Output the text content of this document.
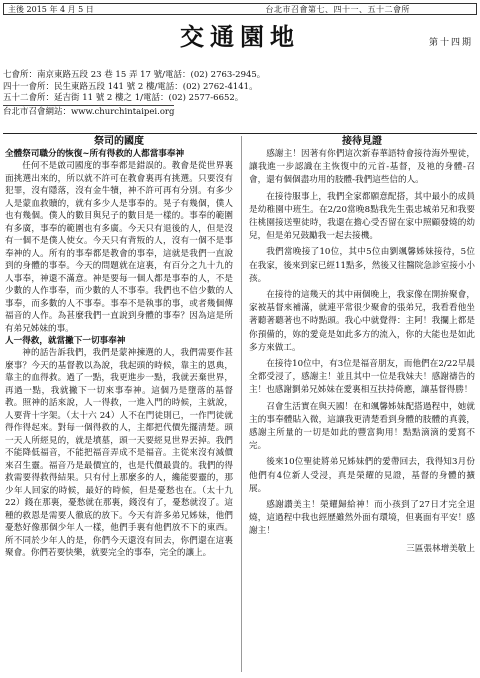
主後 2015 年 4 月 5 日	台北市召會第七、四十一、五十二會所
交通園地	第十四期
七會所：南京東路五段 23 巷 15 弄 17 號/電話：(02) 2763-2945。
四十一會所：民生東路五段 141 號 2 樓/電話：(02) 2762-4141。
五十二會所：延吉街 11 號 2 樓之 1/電話：(02) 2577-6652。
台北市召會網站：www.churchintaipei.org
祭司的國度
全體祭司職分的恢復~所有得救的人都當事奉神

任何不是啟司國度的事奉都是錯誤的。教會是從世界裏面挑選出來的，所以就不許可在教會裏再有挑選。只要沒有犯罪，沒有隱落，沒有金牛犢，神不許可再有分別。有多少人是蒙血救贖的，就有多少人是事奉的。晃子有幾個，僕人也有幾個。僕人的數目與兒子的數目是一樣的。事奉的範圍有多廣，事奉的範圍也有多廣。今天只有退後的人，但是沒有一個不是僕人使女。今天只有背叛的人，沒有一個不是事奉神的人。所有的事奉都是教會的事奉，這就是我們一直說到的身體的事奉。今天的問題就在這裏，有百分之九十九的人事奉，神還不滿意。神是要每一個人都是事奉的人，不是少數的人作事奉，而少數的人不事奉。我們也不信少數的人事奉，而多數的人不事奉。事奉不是執事的事，或者幾個傳福音的人作。為甚麼我們一直說到身體的事奉？因為這是所有弟兄姊妹的事。

人一得救，就當撇下一切事奉神

神的話告訴我們，我們是蒙神揀選的人，我們需要作甚麼事？今天的基督教以為說，我起頭的時候，靠主的恩典，靠主的血得救。過了一點，我更進步一點，我就丟棄世界，再過一點，我就撇下一切來事奉神。這個乃是墮落的基督教。照神的話來說，人一得救，一進入門的時候，主就說，人要背十字架。（太十六 24）人不在門徒則已，一作門徒就得作得起來。對每一個得救的人，主都把代價先擺清楚。頭一天人所經見的，就是墳墓，頭一天要經見世界丟掉。我們不能降低福音，不能把福音弄成不是福音。主從來沒有減價來召生靈。福音乃是最價宜的，也是代價最貴的。我們的得救需要得救得結果。只有付上那麼多的人，纔能要靈的，那少年人回家的時候，最好的時候，但是憂愁也在。（太十九22）錢在那裏，憂愁就在那裏，錢沒有了，憂愁就沒了。這種的救恩是需要人徹底的放下。今天有許多弟兄姊妹，他們憂愁好像那個少年人一樣，他們手裏有他們放不下的東西。所不同於少年人的是，你們今天還沒有回去，你們還在這裏聚會。你們若要快樂，就要完全的事奉，完全的讓上。

接待見證

感謝主！因著有你們這次新春華語特會接待海外聖徒，讓我進一步認識在主恢復中的元首-基督，及祂的身體-召會，還有個個盡功用的肢體-我們這些信的人。

在接待服事上，我們全家都願意配搭，其中最小的成員是幼稚園中班生。在2/20當晚8點我先生張忠城弟兄和我要往桃園接送聖徒時，我還在擔心受否留在家中照顧發燒的幼兒，但是弟兄鼓勵我一起去接機。

我們當晚接了10位，其中5位由劉颯馨姊妹接待，5位在我家，後來到家已經11點多，然後又往醫院急診室接小小孩。

在接待的這幾天的其中兩個晚上，我家像在開拚聚會，家被基督來補滿，就連平常很少聚會的張弟兄，我看看他坐著聽著聽著也不時點頭。我心中就覺得：主阿！我攔上都是你預備的，妳的愛竟是如此多方的流入，你的大能也是如此多方來做工。

在接待10位中，有3位是福音朋友，而他們在2/22早晨全都受浸了，感謝主！並且其中一位是我妹夫！感謝禱告的主！也感謝劉弟兄姊妹在愛裏相互扶持倚應，讓基督得勝！

召會生活實在與天國！在和颯馨姊妹配搭過程中，她就主的事奉體貼入微，這讓我更清楚看到身體的肢體的真義，感謝主所量的一切是如此的豐富夠用！點點滴滴的愛寫不完。

後來10位聖徒將弟兄姊妹們的愛帶回去，我得知3月份他們有4位新人受浸，真是榮耀的見證，基督的身體的擴展。

感謝讚美主！榮耀歸給神！而小孩到了27日才完全退燒，這過程中我也經歷雖然外面有環境，但裏面有平安！感謝主！

三區張林增美敬上
